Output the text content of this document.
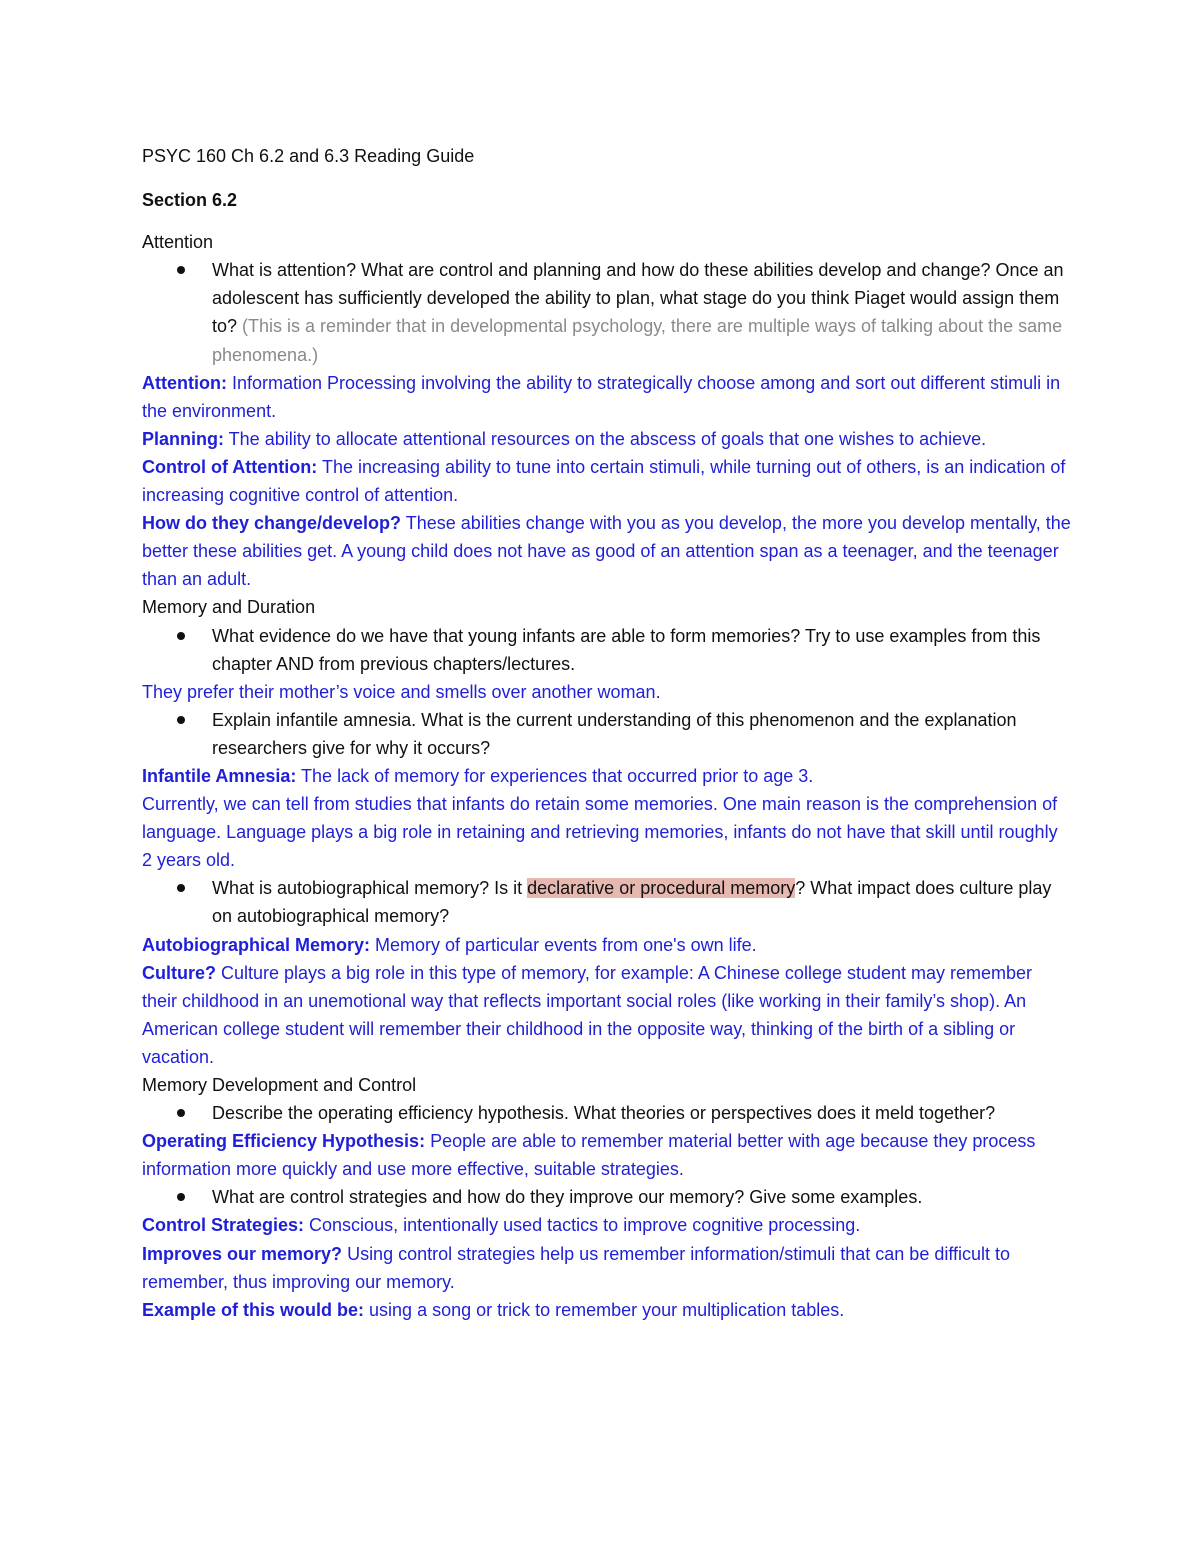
PSYC 160 Ch 6.2 and 6.3 Reading Guide

Section 6.2

Attention

What is attention? What are control and planning and how do these abilities develop and change? Once an adolescent has sufficiently developed the ability to plan, what stage do you think Piaget would assign them to? (This is a reminder that in developmental psychology, there are multiple ways of talking about the same phenomena.)

Attention: Information Processing involving the ability to strategically choose among and sort out different stimuli in the environment.

Planning: The ability to allocate attentional resources on the abscess of goals that one wishes to achieve.

Control of Attention: The increasing ability to tune into certain stimuli, while turning out of others, is an indication of increasing cognitive control of attention.

How do they change/develop? These abilities change with you as you develop, the more you develop mentally, the better these abilities get. A young child does not have as good of an attention span as a teenager, and the teenager than an adult.

Memory and Duration

What evidence do we have that young infants are able to form memories? Try to use examples from this chapter AND from previous chapters/lectures.

They prefer their mother’s voice and smells over another woman.

Explain infantile amnesia. What is the current understanding of this phenomenon and the explanation researchers give for why it occurs?

Infantile Amnesia: The lack of memory for experiences that occurred prior to age 3.

Currently, we can tell from studies that infants do retain some memories. One main reason is the comprehension of language. Language plays a big role in retaining and retrieving memories, infants do not have that skill until roughly 2 years old.

What is autobiographical memory? Is it declarative or procedural memory? What impact does culture play on autobiographical memory?

Autobiographical Memory: Memory of particular events from one's own life.

Culture? Culture plays a big role in this type of memory, for example: A Chinese college student may remember their childhood in an unemotional way that reflects important social roles (like working in their family’s shop). An American college student will remember their childhood in the opposite way, thinking of the birth of a sibling or vacation.

Memory Development and Control

Describe the operating efficiency hypothesis. What theories or perspectives does it meld together?

Operating Efficiency Hypothesis: People are able to remember material better with age because they process information more quickly and use more effective, suitable strategies.

What are control strategies and how do they improve our memory? Give some examples.

Control Strategies: Conscious, intentionally used tactics to improve cognitive processing.

Improves our memory? Using control strategies help us remember information/stimuli that can be difficult to remember, thus improving our memory.

Example of this would be: using a song or trick to remember your multiplication tables.
